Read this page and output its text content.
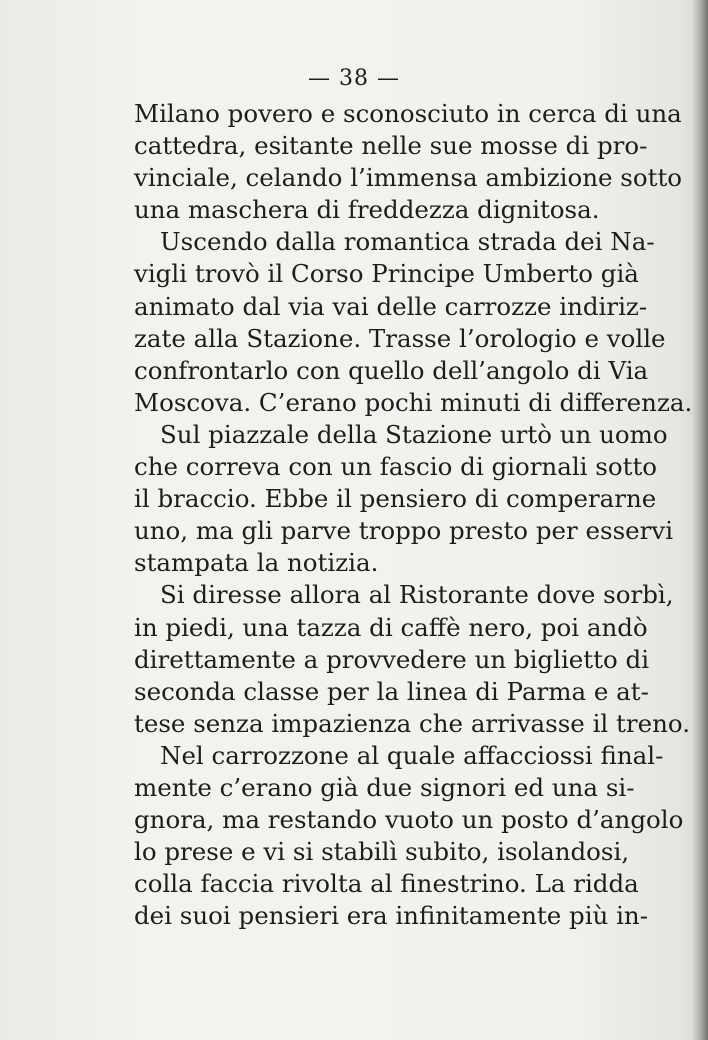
— 38 —
Milano povero e sconosciuto in cerca di una
cattedra, esitante nelle sue mosse di pro-
vinciale, celando l’immensa ambizione sotto
una maschera di freddezza dignitosa.
Uscendo dalla romantica strada dei Na-
vigli trovò il Corso Principe Umberto già
animato dal via vai delle carrozze indiriz-
zate alla Stazione. Trasse l’orologio e volle
confrontarlo con quello dell’angolo di Via
Moscova. C’erano pochi minuti di differenza.
Sul piazzale della Stazione urtò un uomo
che correva con un fascio di giornali sotto
il braccio. Ebbe il pensiero di comperarne
uno, ma gli parve troppo presto per esservi
stampata la notizia.
Si diresse allora al Ristorante dove sorbì,
in piedi, una tazza di caffè nero, poi andò
direttamente a provvedere un biglietto di
seconda classe per la linea di Parma e at-
tese senza impazienza che arrivasse il treno.
Nel carrozzone al quale affacciossi final-
mente c’erano già due signori ed una si-
gnora, ma restando vuoto un posto d’angolo
lo prese e vi si stabilì subito, isolandosi,
colla faccia rivolta al finestrino. La ridda
dei suoi pensieri era infinitamente più in-
